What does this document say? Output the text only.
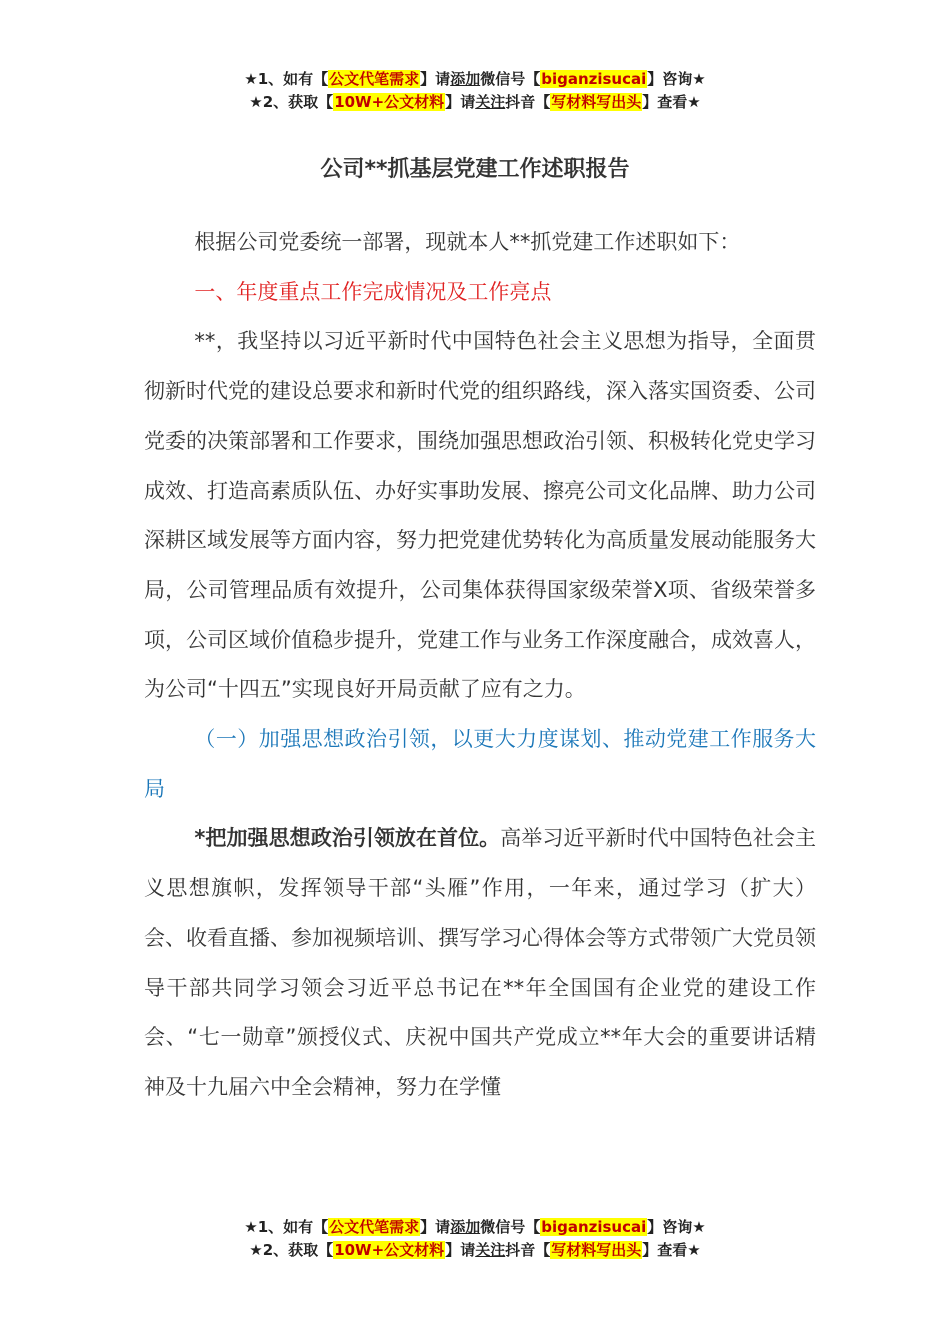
★1、如有【公文代笔需求】请添加微信号【biganzisucai】咨询★
★2、获取【10W+公文材料】请关注抖音【写材料写出头】查看★
公司**抓基层党建工作述职报告

根据公司党委统一部署，现就本人**抓党建工作述职如下：

一、年度重点工作完成情况及工作亮点

**，我坚持以习近平新时代中国特色社会主义思想为指导，全面贯彻新时代党的建设总要求和新时代党的组织路线，深入落实国资委、公司党委的决策部署和工作要求，围绕加强思想政治引领、积极转化党史学习成效、打造高素质队伍、办好实事助发展、擦亮公司文化品牌、助力公司深耕区域发展等方面内容，努力把党建优势转化为高质量发展动能服务大局，公司管理品质有效提升，公司集体获得国家级荣誉X项、省级荣誉多项，公司区域价值稳步提升，党建工作与业务工作深度融合，成效喜人，为公司“十四五”实现良好开局贡献了应有之力。

（一）加强思想政治引领，以更大力度谋划、推动党建工作服务大局

*把加强思想政治引领放在首位。高举习近平新时代中国特色社会主义思想旗帜，发挥领导干部“头雁”作用，一年来，通过学习（扩大）会、收看直播、参加视频培训、撰写学习心得体会等方式带领广大党员领导干部共同学习领会习近平总书记在**年全国国有企业党的建设工作会、“七一勋章”颁授仪式、庆祝中国共产党成立**年大会的重要讲话精神及十九届六中全会精神，努力在学懂

★1、如有【公文代笔需求】请添加微信号【biganzisucai】咨询★
★2、获取【10W+公文材料】请关注抖音【写材料写出头】查看★
